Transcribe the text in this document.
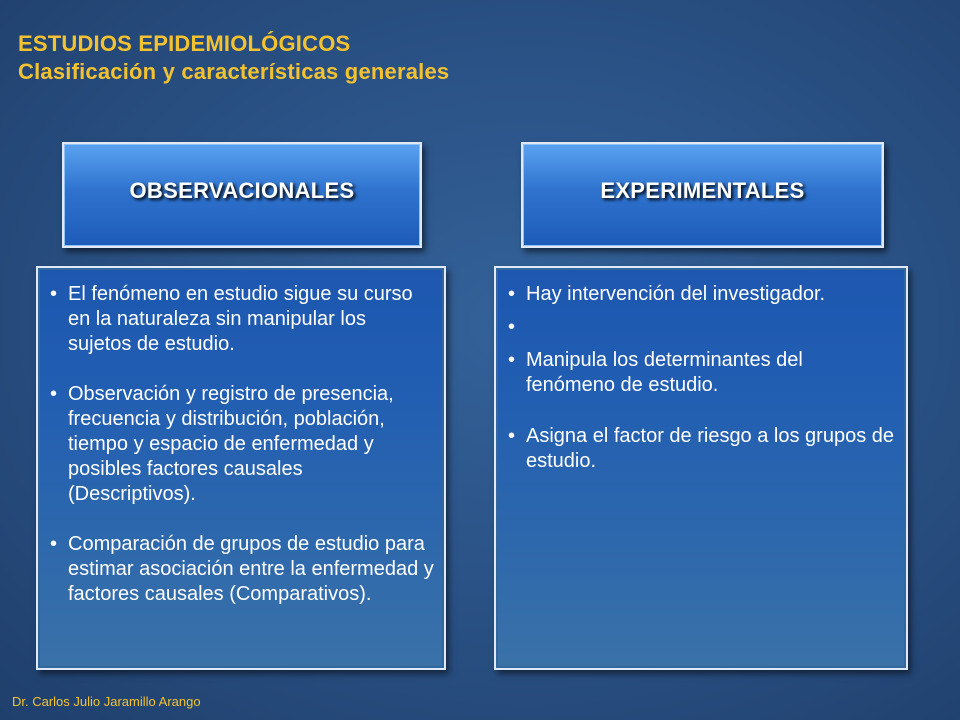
ESTUDIOS EPIDEMIOLÓGICOS
Clasificación y características generales
OBSERVACIONALES	EXPERIMENTALES
• El fenómeno en estudio sigue su curso en la naturaleza sin manipular los sujetos de estudio.
• Observación y registro de presencia, frecuencia y distribución, población, tiempo y espacio de enfermedad y posibles factores causales (Descriptivos).
• Comparación de grupos de estudio para estimar asociación entre la enfermedad y factores causales (Comparativos).
• Hay intervención del investigador.
•
• Manipula los determinantes del fenómeno de estudio.
• Asigna el factor de riesgo a los grupos de estudio.
Dr. Carlos Julio Jaramillo Arango
